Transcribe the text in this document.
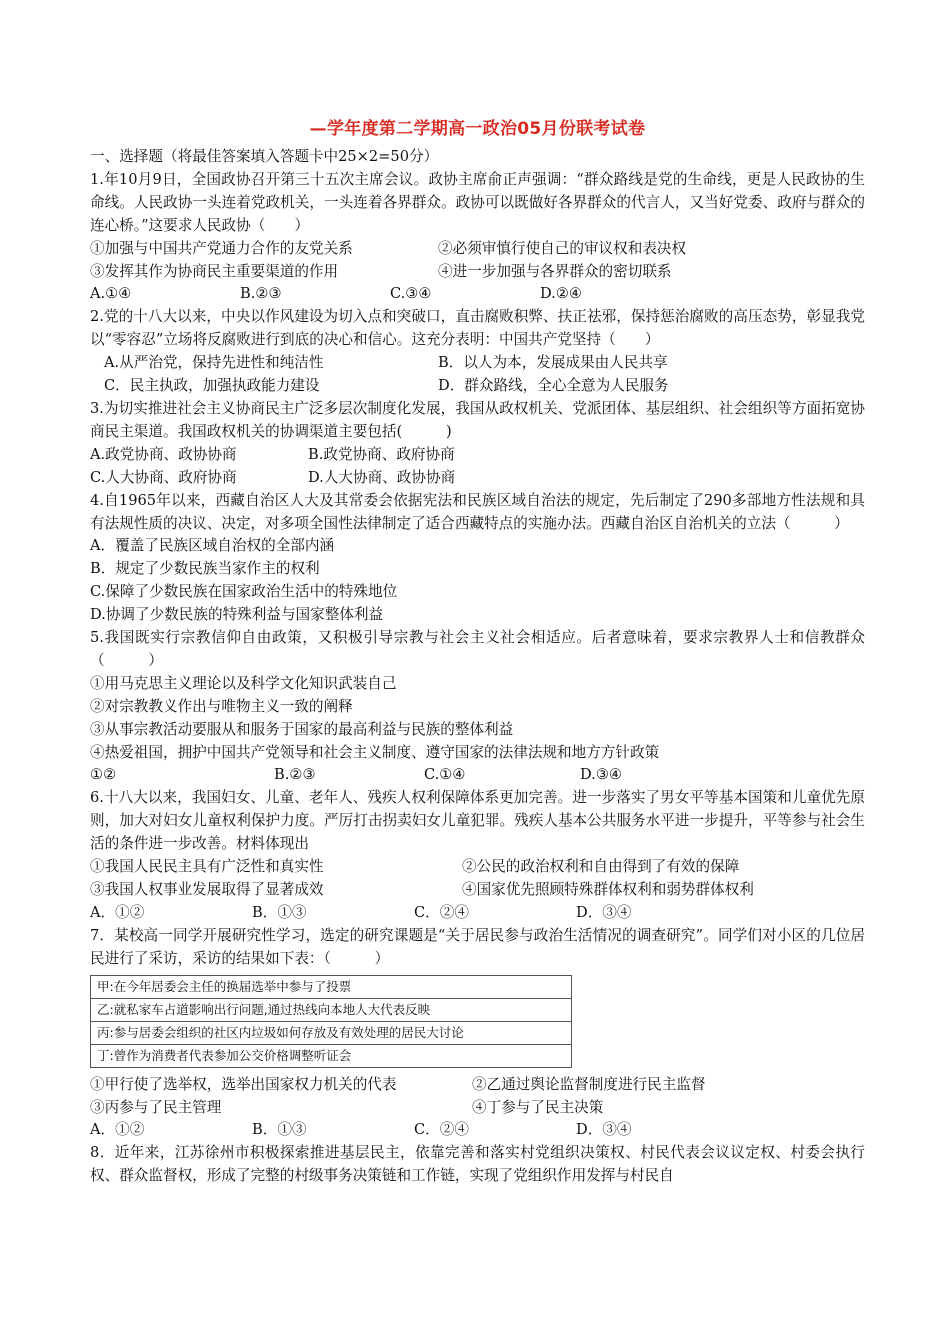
—学年度第二学期高一政治05月份联考试卷
一、选择题（将最佳答案填入答题卡中25×2=50分）
1.年10月9日，全国政协召开第三十五次主席会议。政协主席俞正声强调：“群众路线是党的生命线，更是人民政协的生命线。人民政协一头连着党政机关，一头连着各界群众。政协可以既做好各界群众的代言人，又当好党委、政府与群众的连心桥。”这要求人民政协（　　）
①加强与中国共产党通力合作的友党关系	②必须审慎行使自己的审议权和表决权
③发挥其作为协商民主重要渠道的作用	④进一步加强与各界群众的密切联系
A.①④	B.②③	C.③④	D.②④
2.党的十八大以来，中央以作风建设为切入点和突破口，直击腐败积弊、扶正祛邪，保持惩治腐败的高压态势，彰显我党以“零容忍”立场将反腐败进行到底的决心和信心。这充分表明：中国共产党坚持（　　）
A.从严治党，保持先进性和纯洁性	B．以人为本，发展成果由人民共享
C．民主执政，加强执政能力建设	D．群众路线，全心全意为人民服务
3.为切实推进社会主义协商民主广泛多层次制度化发展，我国从政权机关、党派团体、基层组织、社会组织等方面拓宽协商民主渠道。我国政权机关的协调渠道主要包括(　　　)
A.政党协商、政协协商	B.政党协商、政府协商
C.人大协商、政府协商	D.人大协商、政协协商
4.自1965年以来，西藏自治区人大及其常委会依据宪法和民族区域自治法的规定，先后制定了290多部地方性法规和具有法规性质的决议、决定，对多项全国性法律制定了适合西藏特点的实施办法。西藏自治区自治机关的立法（　　　）
A．覆盖了民族区域自治权的全部内涵
B．规定了少数民族当家作主的权利
C.保障了少数民族在国家政治生活中的特殊地位
D.协调了少数民族的特殊利益与国家整体利益
5.我国既实行宗教信仰自由政策，又积极引导宗教与社会主义社会相适应。后者意味着，要求宗教界人士和信教群众（　　　）
①用马克思主义理论以及科学文化知识武装自己
②对宗教教义作出与唯物主义一致的阐释
③从事宗教活动要服从和服务于国家的最高利益与民族的整体利益
④热爱祖国，拥护中国共产党领导和社会主义制度、遵守国家的法律法规和地方方针政策
①②	B.②③	C.①④	D.③④
6.十八大以来，我国妇女、儿童、老年人、残疾人权利保障体系更加完善。进一步落实了男女平等基本国策和儿童优先原则，加大对妇女儿童权利保护力度。严厉打击拐卖妇女儿童犯罪。残疾人基本公共服务水平进一步提升，平等参与社会生活的条件进一步改善。材料体现出
①我国人民民主具有广泛性和真实性	②公民的政治权利和自由得到了有效的保障
③我国人权事业发展取得了显著成效	④国家优先照顾特殊群体权利和弱势群体权利
A．①②	B．①③	C．②④	D．③④
7．某校高一同学开展研究性学习，选定的研究课题是“关于居民参与政治生活情况的调查研究”。同学们对小区的几位居民进行了采访，采访的结果如下表：（　　　）
甲:在今年居委会主任的换届选举中参与了投票
乙:就私家车占道影响出行问题,通过热线向本地人大代表反映
丙:参与居委会组织的社区内垃圾如何存放及有效处理的居民大讨论
丁:曾作为消费者代表参加公交价格调整听证会
①甲行使了选举权，选举出国家权力机关的代表	②乙通过舆论监督制度进行民主监督
③丙参与了民主管理	④丁参与了民主决策
A．①②	B．①③	C．②④	D．③④
8．近年来，江苏徐州市积极探索推进基层民主，依靠完善和落实村党组织决策权、村民代表会议议定权、村委会执行权、群众监督权，形成了完整的村级事务决策链和工作链，实现了党组织作用发挥与村民自
